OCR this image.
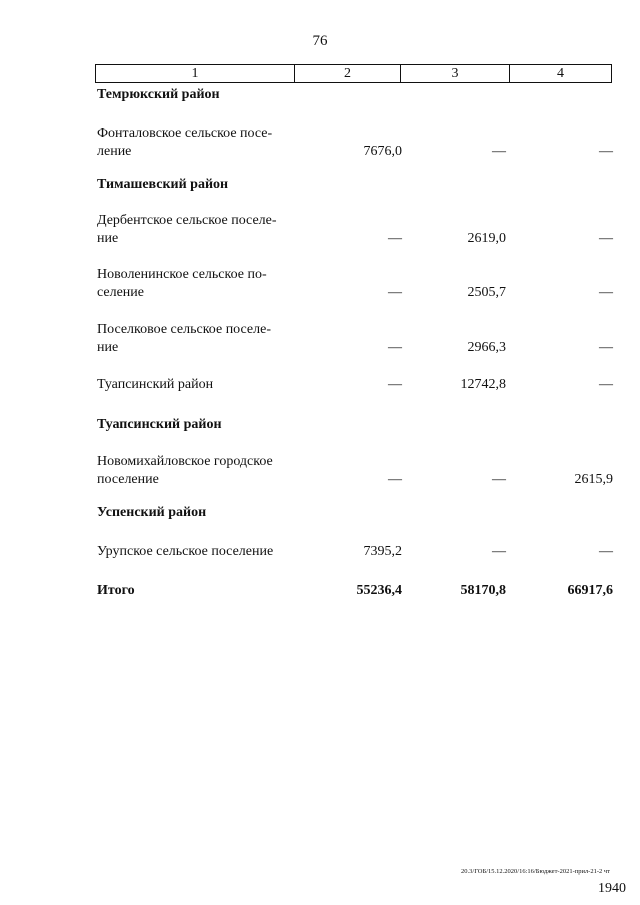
76
1	2	3	4
Темрюкский район
Фонталовское сельское посе-
ление	7676,0	—	—
Тимашевский район
Дербентское сельское поселе-
ние	—	2619,0	—
Новоленинское сельское по-
селение	—	2505,7	—
Поселковое сельское поселе-
ние	—	2966,3	—
Туапсинский район	—	12742,8	—
Туапсинский район
Новомихайловское городское
поселение	—	—	2615,9
Успенский район
Урупское сельское поселение	7395,2	—	—
Итого	55236,4	58170,8	66917,6
20.3/ГОБ/15.12.2020/16:16/Бюджет-2021-прил-21-2 чт
1940
